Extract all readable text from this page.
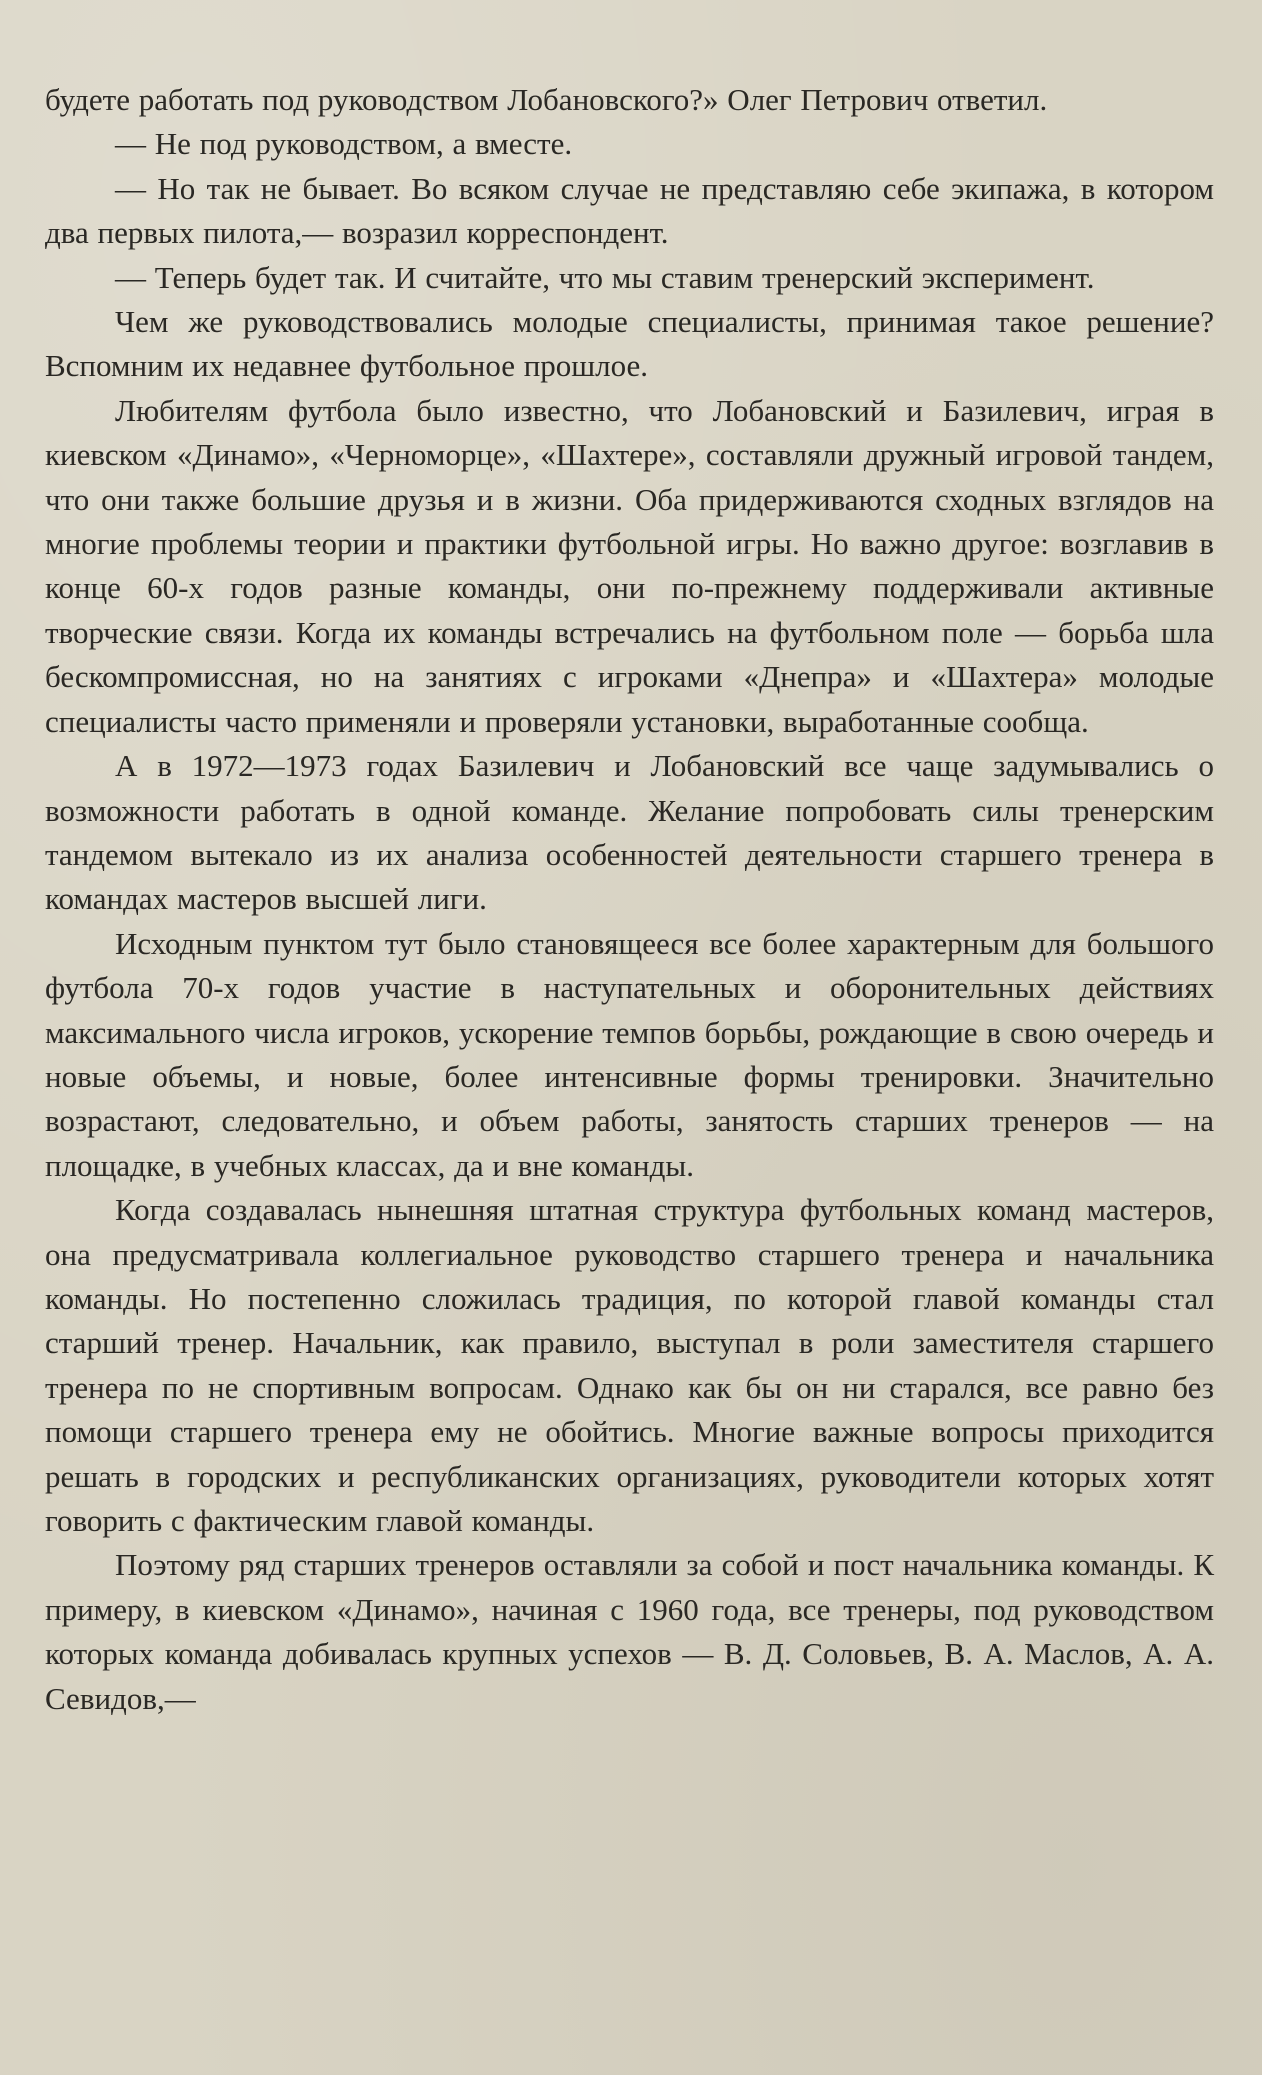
будете работать под руководством Лобановского?» Олег Петрович ответил.

— Не под руководством, а вместе.

— Но так не бывает. Во всяком случае не представляю себе экипажа, в котором два первых пилота,— возразил корреспондент.

— Теперь будет так. И считайте, что мы ставим тренерский эксперимент.

Чем же руководствовались молодые специалисты, принимая такое решение? Вспомним их недавнее футбольное прошлое.

Любителям футбола было известно, что Лобановский и Базилевич, играя в киевском «Динамо», «Черноморце», «Шахтере», составляли дружный игровой тандем, что они также большие друзья и в жизни. Оба придерживаются сходных взглядов на многие проблемы теории и практики футбольной игры. Но важно другое: возглавив в конце 60-х годов разные команды, они по-прежнему поддерживали активные творческие связи. Когда их команды встречались на футбольном поле — борьба шла бескомпромиссная, но на занятиях с игроками «Днепра» и «Шахтера» молодые специалисты часто применяли и проверяли установки, выработанные сообща.

А в 1972—1973 годах Базилевич и Лобановский все чаще задумывались о возможности работать в одной команде. Желание попробовать силы тренерским тандемом вытекало из их анализа особенностей деятельности старшего тренера в командах мастеров высшей лиги.

Исходным пунктом тут было становящееся все более характерным для большого футбола 70-х годов участие в наступательных и оборонительных действиях максимального числа игроков, ускорение темпов борьбы, рождающие в свою очередь и новые объемы, и новые, более интенсивные формы тренировки. Значительно возрастают, следовательно, и объем работы, занятость старших тренеров — на площадке, в учебных классах, да и вне команды.

Когда создавалась нынешняя штатная структура футбольных команд мастеров, она предусматривала коллегиальное руководство старшего тренера и начальника команды. Но постепенно сложилась традиция, по которой главой команды стал старший тренер. Начальник, как правило, выступал в роли заместителя старшего тренера по не спортивным вопросам. Однако как бы он ни старался, все равно без помощи старшего тренера ему не обойтись. Многие важные вопросы приходится решать в городских и республиканских организациях, руководители которых хотят говорить с фактическим главой команды.

Поэтому ряд старших тренеров оставляли за собой и пост начальника команды. К примеру, в киевском «Динамо», начиная с 1960 года, все тренеры, под руководством которых команда добивалась крупных успехов — В. Д. Соловьев, В. А. Маслов, А. А. Севидов,—
